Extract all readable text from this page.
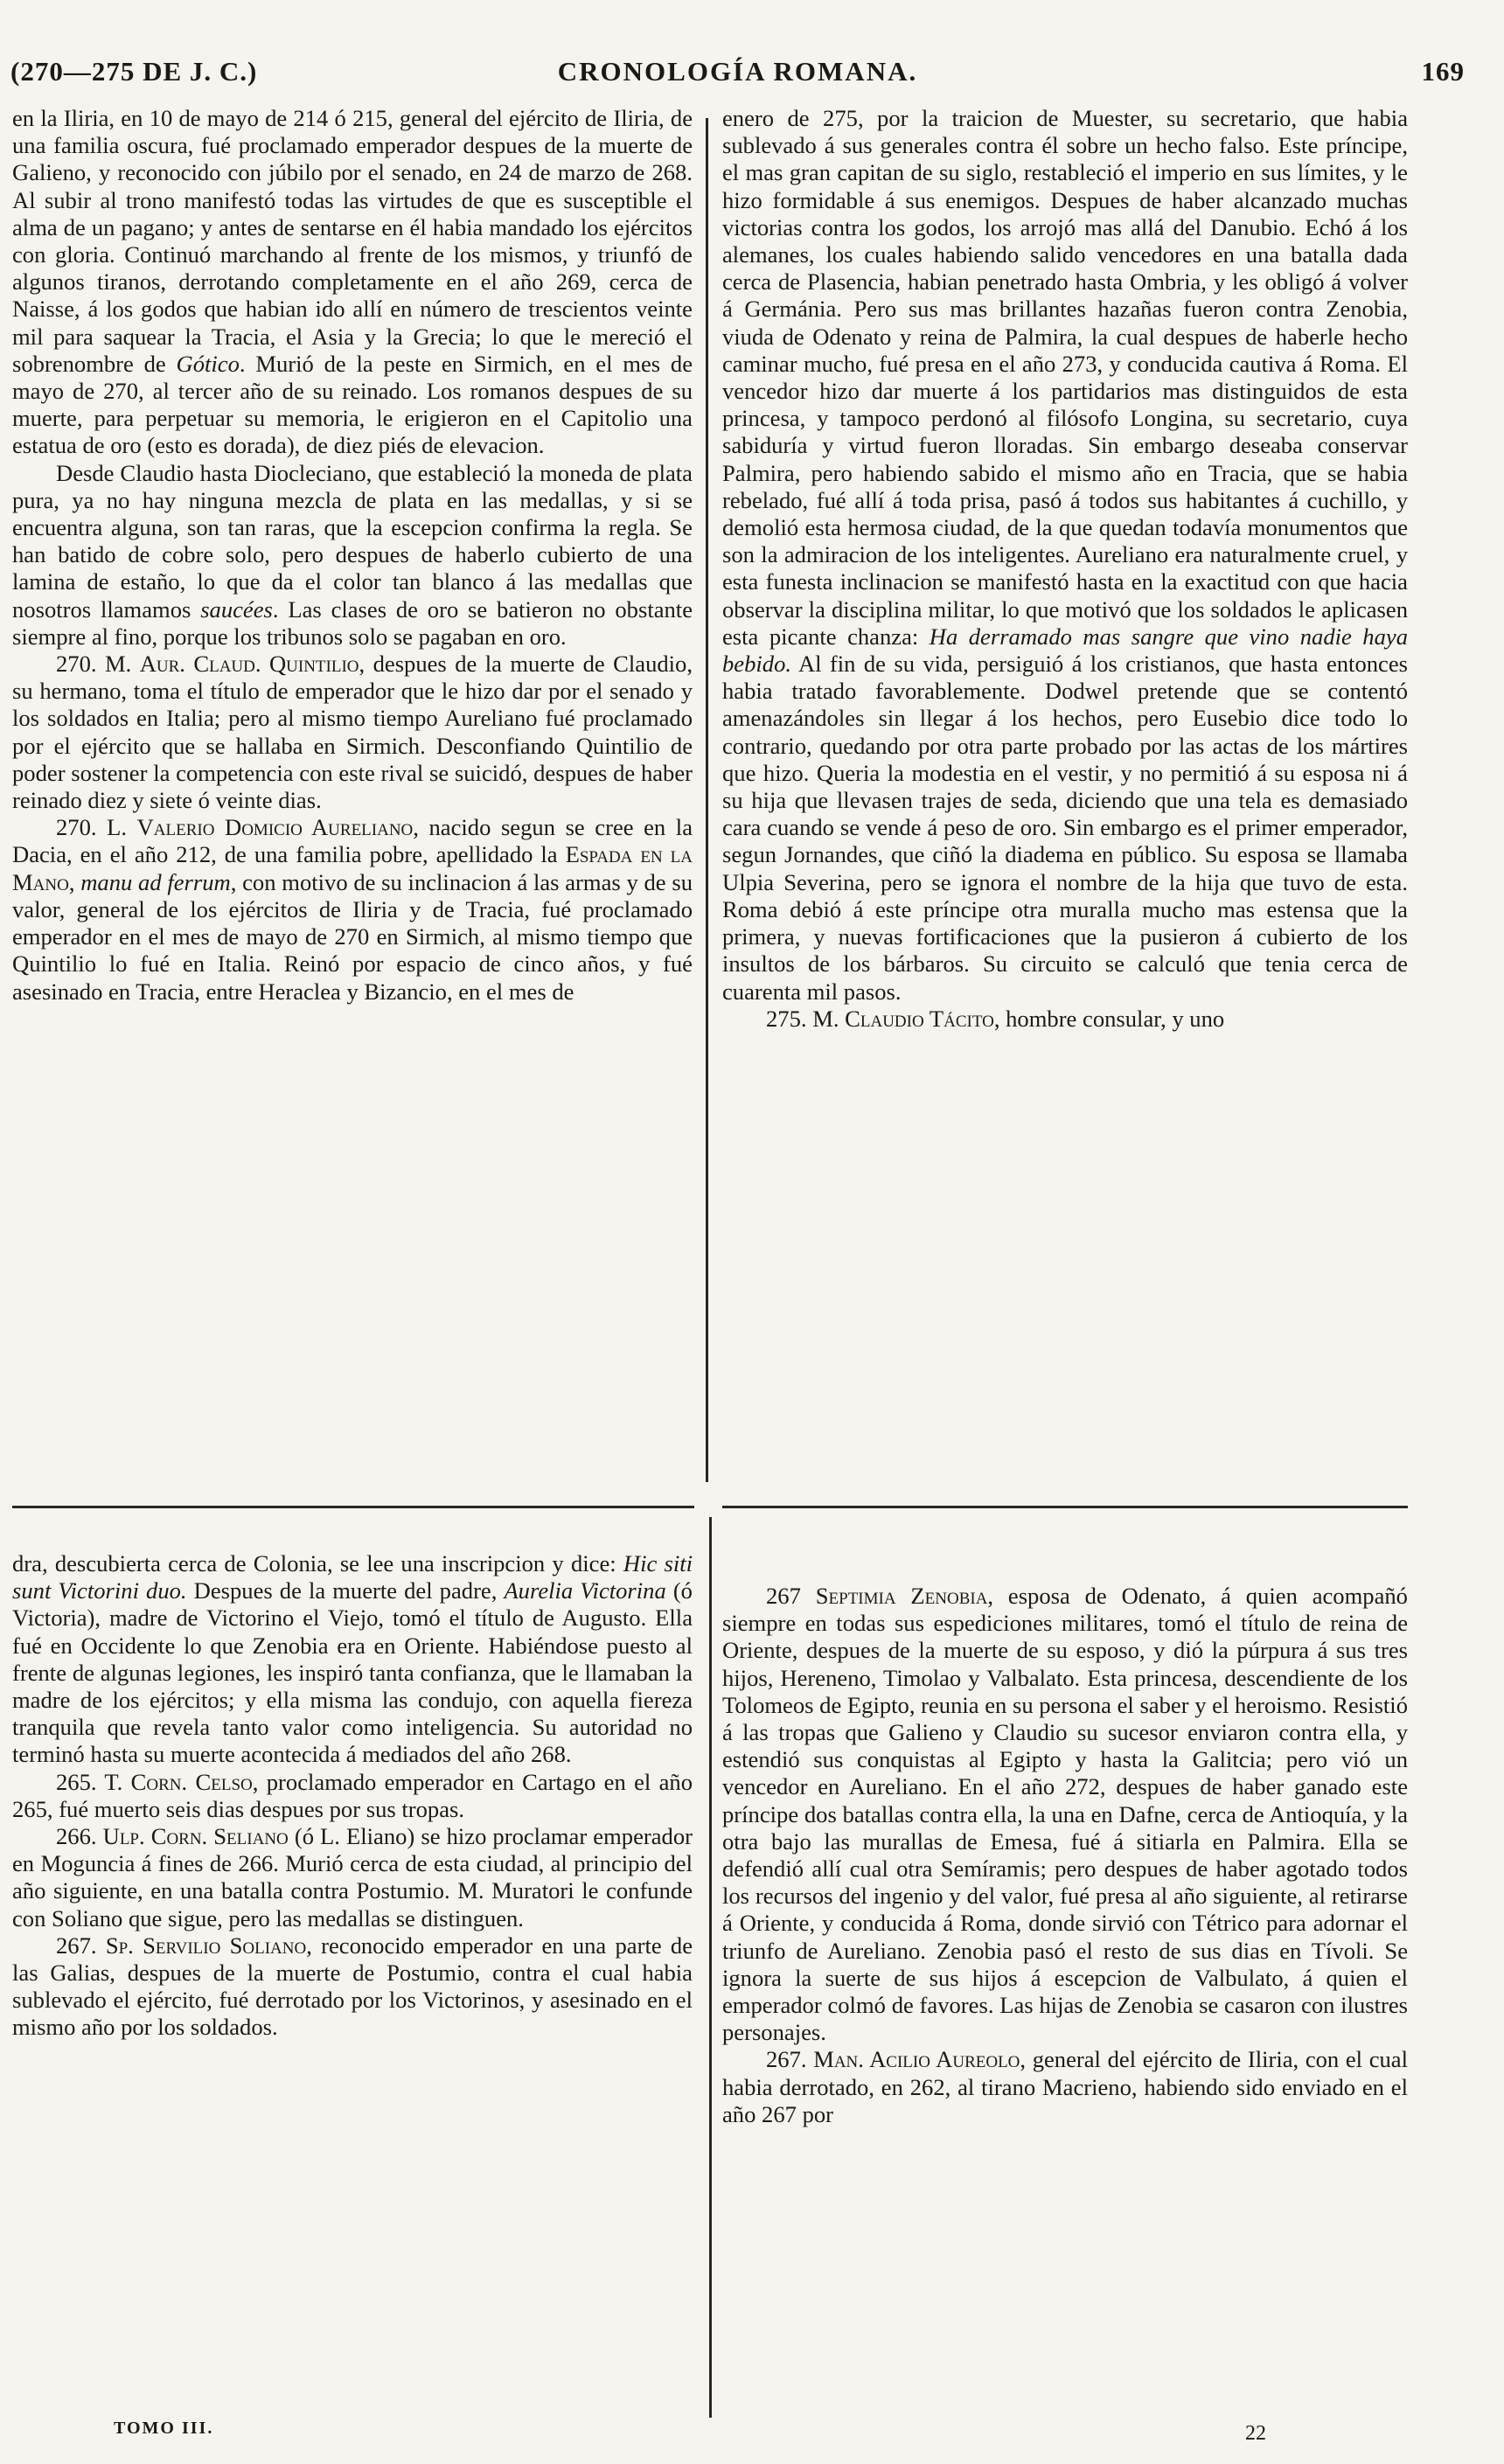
(270—275 DE J. C.)	CRONOLOGÍA ROMANA.	169

en la Iliria, en 10 de mayo de 214 ó 215, general del ejército de Iliria, de una familia oscura, fué proclamado emperador despues de la muerte de Galieno, y reconocido con júbilo por el senado, en 24 de marzo de 268. Al subir al trono manifestó todas las virtudes de que es susceptible el alma de un pagano; y antes de sentarse en él habia mandado los ejércitos con gloria. Continuó marchando al frente de los mismos, y triunfó de algunos tiranos, derrotando completamente en el año 269, cerca de Naisse, á los godos que habian ido allí en número de trescientos veinte mil para saquear la Tracia, el Asia y la Grecia; lo que le mereció el sobrenombre de Gótico. Murió de la peste en Sirmich, en el mes de mayo de 270, al tercer año de su reinado. Los romanos despues de su muerte, para perpetuar su memoria, le erigieron en el Capitolio una estatua de oro (esto es dorada), de diez piés de elevacion.

Desde Claudio hasta Diocleciano, que estableció la moneda de plata pura, ya no hay ninguna mezcla de plata en las medallas, y si se encuentra alguna, son tan raras, que la escepcion confirma la regla. Se han batido de cobre solo, pero despues de haberlo cubierto de una lamina de estaño, lo que da el color tan blanco á las medallas que nosotros llamamos saucées. Las clases de oro se batieron no obstante siempre al fino, porque los tribunos solo se pagaban en oro.

270. M. Aur. Claud. Quintilio, despues de la muerte de Claudio, su hermano, toma el título de emperador que le hizo dar por el senado y los soldados en Italia; pero al mismo tiempo Aureliano fué proclamado por el ejército que se hallaba en Sirmich. Desconfiando Quintilio de poder sostener la competencia con este rival se suicidó, despues de haber reinado diez y siete ó veinte dias.

270. L. Valerio Domicio Aureliano, nacido segun se cree en la Dacia, en el año 212, de una familia pobre, apellidado la Espada en la Mano, manu ad ferrum, con motivo de su inclinacion á las armas y de su valor, general de los ejércitos de Iliria y de Tracia, fué proclamado emperador en el mes de mayo de 270 en Sirmich, al mismo tiempo que Quintilio lo fué en Italia. Reinó por espacio de cinco años, y fué asesinado en Tracia, entre Heraclea y Bizancio, en el mes de

enero de 275, por la traicion de Muester, su secretario, que habia sublevado á sus generales contra él sobre un hecho falso. Este príncipe, el mas gran capitan de su siglo, restableció el imperio en sus límites, y le hizo formidable á sus enemigos. Despues de haber alcanzado muchas victorias contra los godos, los arrojó mas allá del Danubio. Echó á los alemanes, los cuales habiendo salido vencedores en una batalla dada cerca de Plasencia, habian penetrado hasta Ombria, y les obligó á volver á Germánia. Pero sus mas brillantes hazañas fueron contra Zenobia, viuda de Odenato y reina de Palmira, la cual despues de haberle hecho caminar mucho, fué presa en el año 273, y conducida cautiva á Roma. El vencedor hizo dar muerte á los partidarios mas distinguidos de esta princesa, y tampoco perdonó al filósofo Longina, su secretario, cuya sabiduría y virtud fueron lloradas. Sin embargo deseaba conservar Palmira, pero habiendo sabido el mismo año en Tracia, que se habia rebelado, fué allí á toda prisa, pasó á todos sus habitantes á cuchillo, y demolió esta hermosa ciudad, de la que quedan todavía monumentos que son la admiracion de los inteligentes. Aureliano era naturalmente cruel, y esta funesta inclinacion se manifestó hasta en la exactitud con que hacia observar la disciplina militar, lo que motivó que los soldados le aplicasen esta picante chanza: Ha derramado mas sangre que vino nadie haya bebido. Al fin de su vida, persiguió á los cristianos, que hasta entonces habia tratado favorablemente. Dodwel pretende que se contentó amenazándoles sin llegar á los hechos, pero Eusebio dice todo lo contrario, quedando por otra parte probado por las actas de los mártires que hizo. Queria la modestia en el vestir, y no permitió á su esposa ni á su hija que llevasen trajes de seda, diciendo que una tela es demasiado cara cuando se vende á peso de oro. Sin embargo es el primer emperador, segun Jornandes, que ciñó la diadema en público. Su esposa se llamaba Ulpia Severina, pero se ignora el nombre de la hija que tuvo de esta. Roma debió á este príncipe otra muralla mucho mas estensa que la primera, y nuevas fortificaciones que la pusieron á cubierto de los insultos de los bárbaros. Su circuito se calculó que tenia cerca de cuarenta mil pasos.

275. M. Claudio Tácito, hombre consular, y uno

dra, descubierta cerca de Colonia, se lee una inscripcion y dice: Hic siti sunt Victorini duo. Despues de la muerte del padre, Aurelia Victorina (ó Victoria), madre de Victorino el Viejo, tomó el título de Augusto. Ella fué en Occidente lo que Zenobia era en Oriente. Habiéndose puesto al frente de algunas legiones, les inspiró tanta confianza, que le llamaban la madre de los ejércitos; y ella misma las condujo, con aquella fiereza tranquila que revela tanto valor como inteligencia. Su autoridad no terminó hasta su muerte acontecida á mediados del año 268.

265. T. Corn. Celso, proclamado emperador en Cartago en el año 265, fué muerto seis dias despues por sus tropas.

266. Ulp. Corn. Seliano (ó L. Eliano) se hizo proclamar emperador en Moguncia á fines de 266. Murió cerca de esta ciudad, al principio del año siguiente, en una batalla contra Postumio. M. Muratori le confunde con Soliano que sigue, pero las medallas se distinguen.

267. Sp. Servilio Soliano, reconocido emperador en una parte de las Galias, despues de la muerte de Postumio, contra el cual habia sublevado el ejército, fué derrotado por los Victorinos, y asesinado en el mismo año por los soldados.

267 Septimia Zenobia, esposa de Odenato, á quien acompañó siempre en todas sus espediciones militares, tomó el título de reina de Oriente, despues de la muerte de su esposo, y dió la púrpura á sus tres hijos, Hereneno, Timolao y Valbalato. Esta princesa, descendiente de los Tolomeos de Egipto, reunia en su persona el saber y el heroismo. Resistió á las tropas que Galieno y Claudio su sucesor enviaron contra ella, y estendió sus conquistas al Egipto y hasta la Galitcia; pero vió un vencedor en Aureliano. En el año 272, despues de haber ganado este príncipe dos batallas contra ella, la una en Dafne, cerca de Antioquía, y la otra bajo las murallas de Emesa, fué á sitiarla en Palmira. Ella se defendió allí cual otra Semíramis; pero despues de haber agotado todos los recursos del ingenio y del valor, fué presa al año siguiente, al retirarse á Oriente, y conducida á Roma, donde sirvió con Tétrico para adornar el triunfo de Aureliano. Zenobia pasó el resto de sus dias en Tívoli. Se ignora la suerte de sus hijos á escepcion de Valbulato, á quien el emperador colmó de favores. Las hijas de Zenobia se casaron con ilustres personajes.

267. Man. Acilio Aureolo, general del ejército de Iliria, con el cual habia derrotado, en 262, al tirano Macrieno, habiendo sido enviado en el año 267 por

TOMO III.	22
